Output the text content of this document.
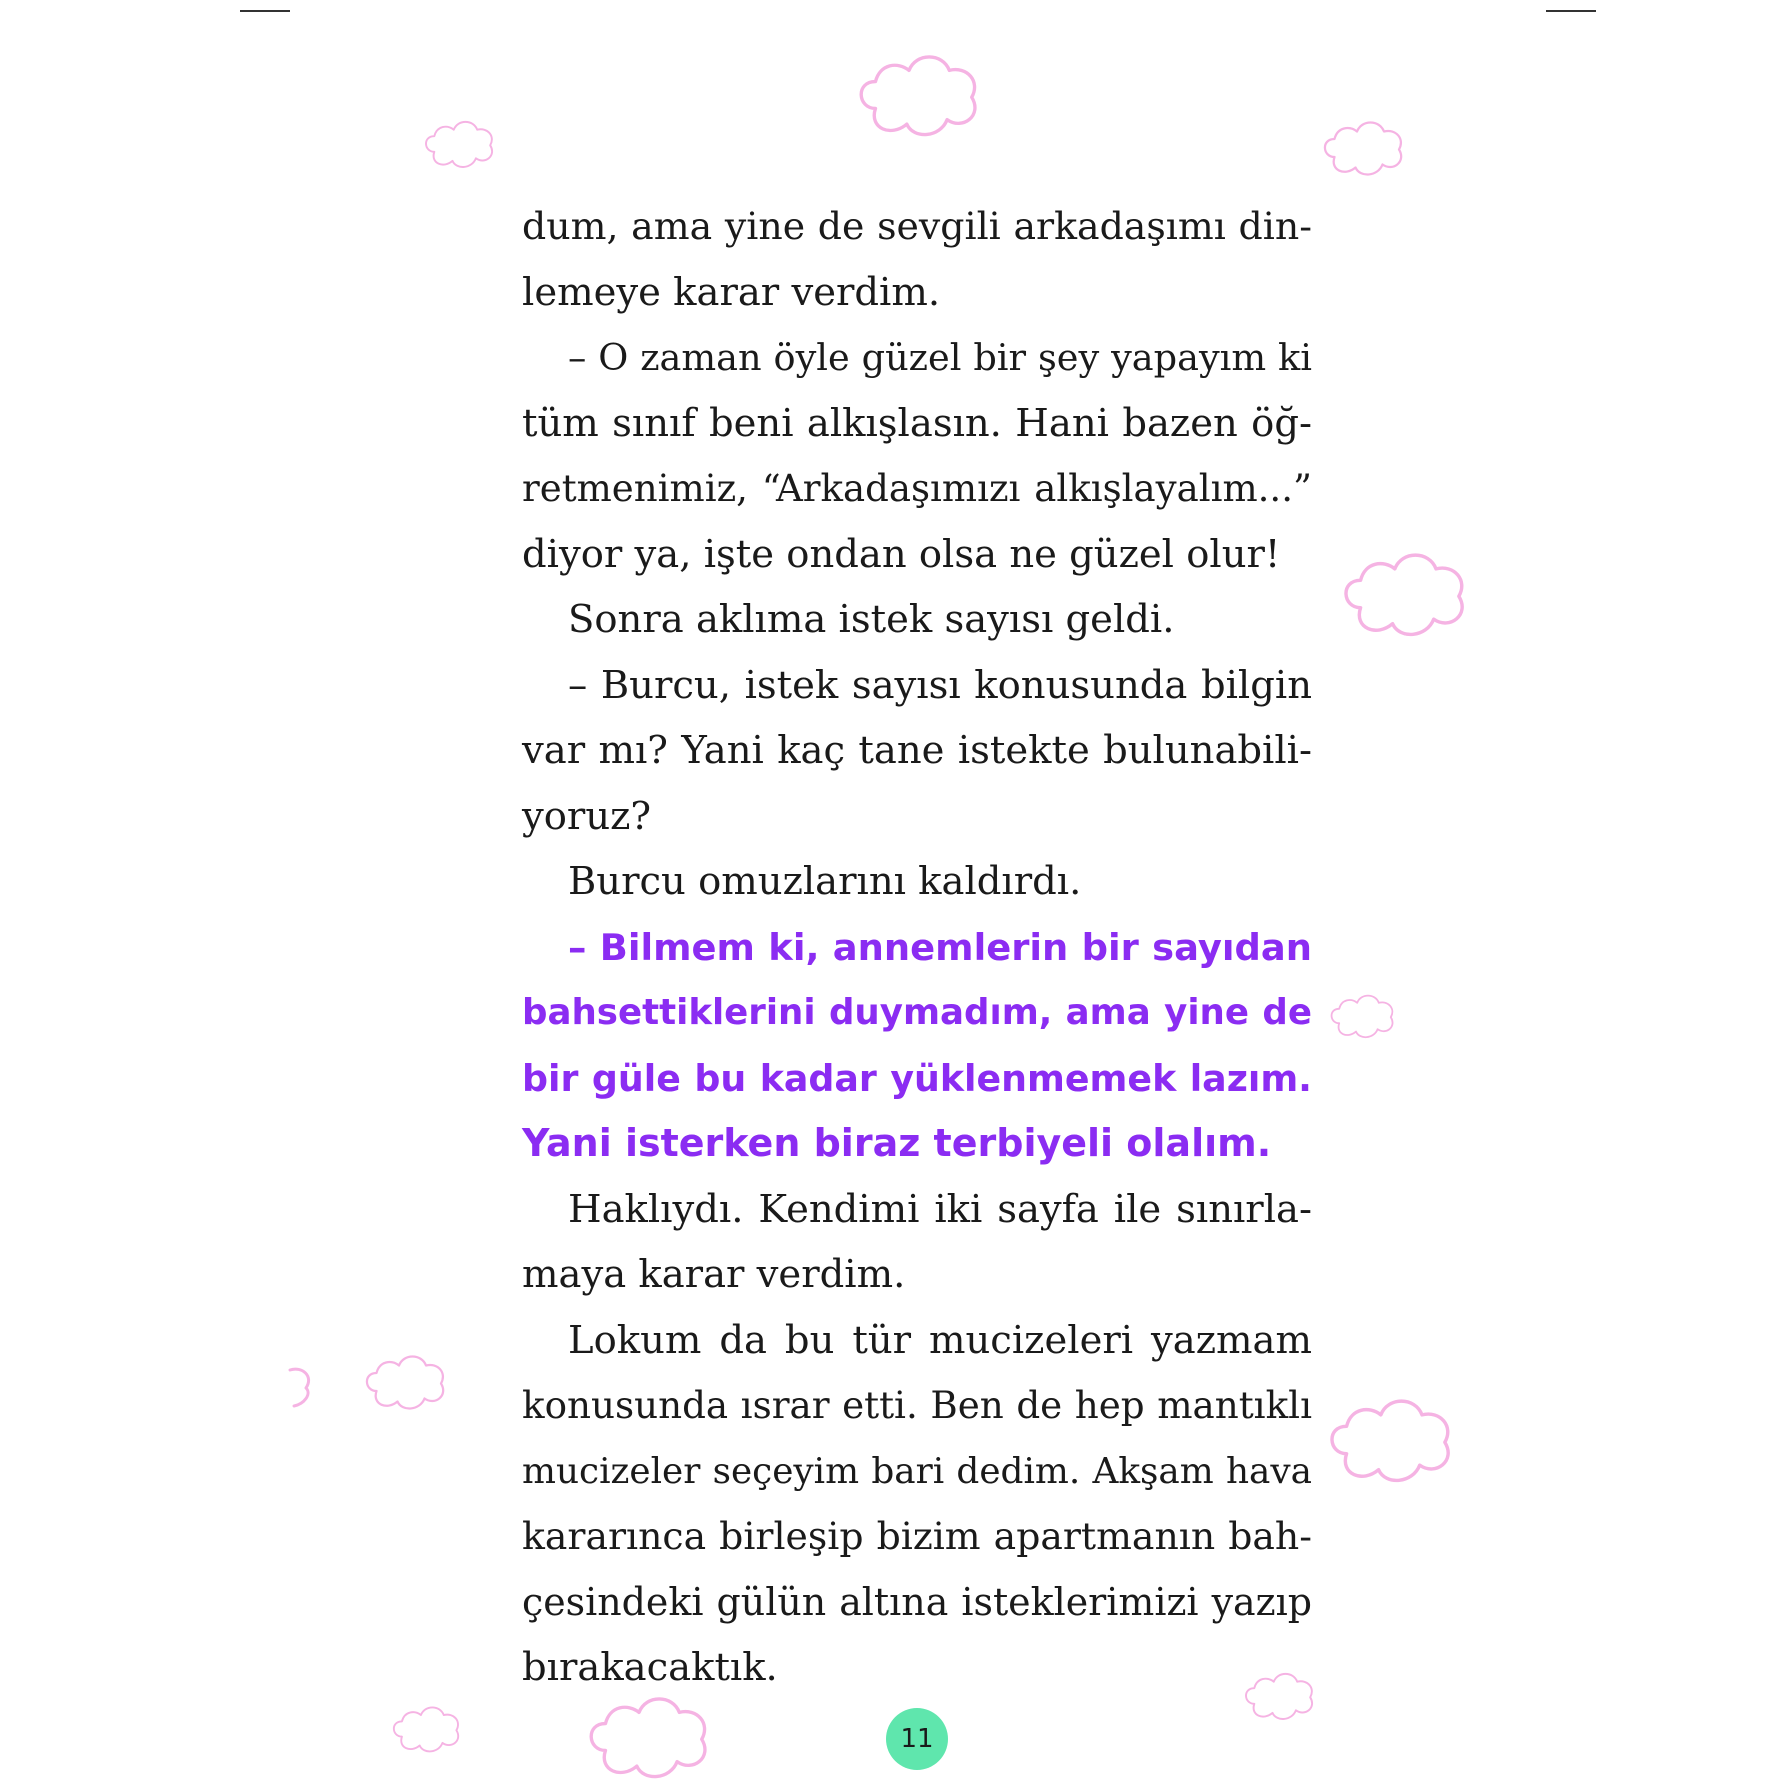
dum, ama yine de sevgili arkadaşımı din-
lemeye karar verdim.
– O zaman öyle güzel bir şey yapayım ki
tüm sınıf beni alkışlasın. Hani bazen öğ-
retmenimiz, “Arkadaşımızı alkışlayalım...”
diyor ya, işte ondan olsa ne güzel olur!
Sonra aklıma istek sayısı geldi.
– Burcu, istek sayısı konusunda bilgin
var mı? Yani kaç tane istekte bulunabili-
yoruz?
Burcu omuzlarını kaldırdı.
– Bilmem ki, annemlerin bir sayıdan
bahsettiklerini duymadım, ama yine de
bir güle bu kadar yüklenmemek lazım.
Yani isterken biraz terbiyeli olalım.
Haklıydı. Kendimi iki sayfa ile sınırla-
maya karar verdim.
Lokum da bu tür mucizeleri yazmam
konusunda ısrar etti. Ben de hep mantıklı
mucizeler seçeyim bari dedim. Akşam hava
kararınca birleşip bizim apartmanın bah-
çesindeki gülün altına isteklerimizi yazıp
bırakacaktık.
11
